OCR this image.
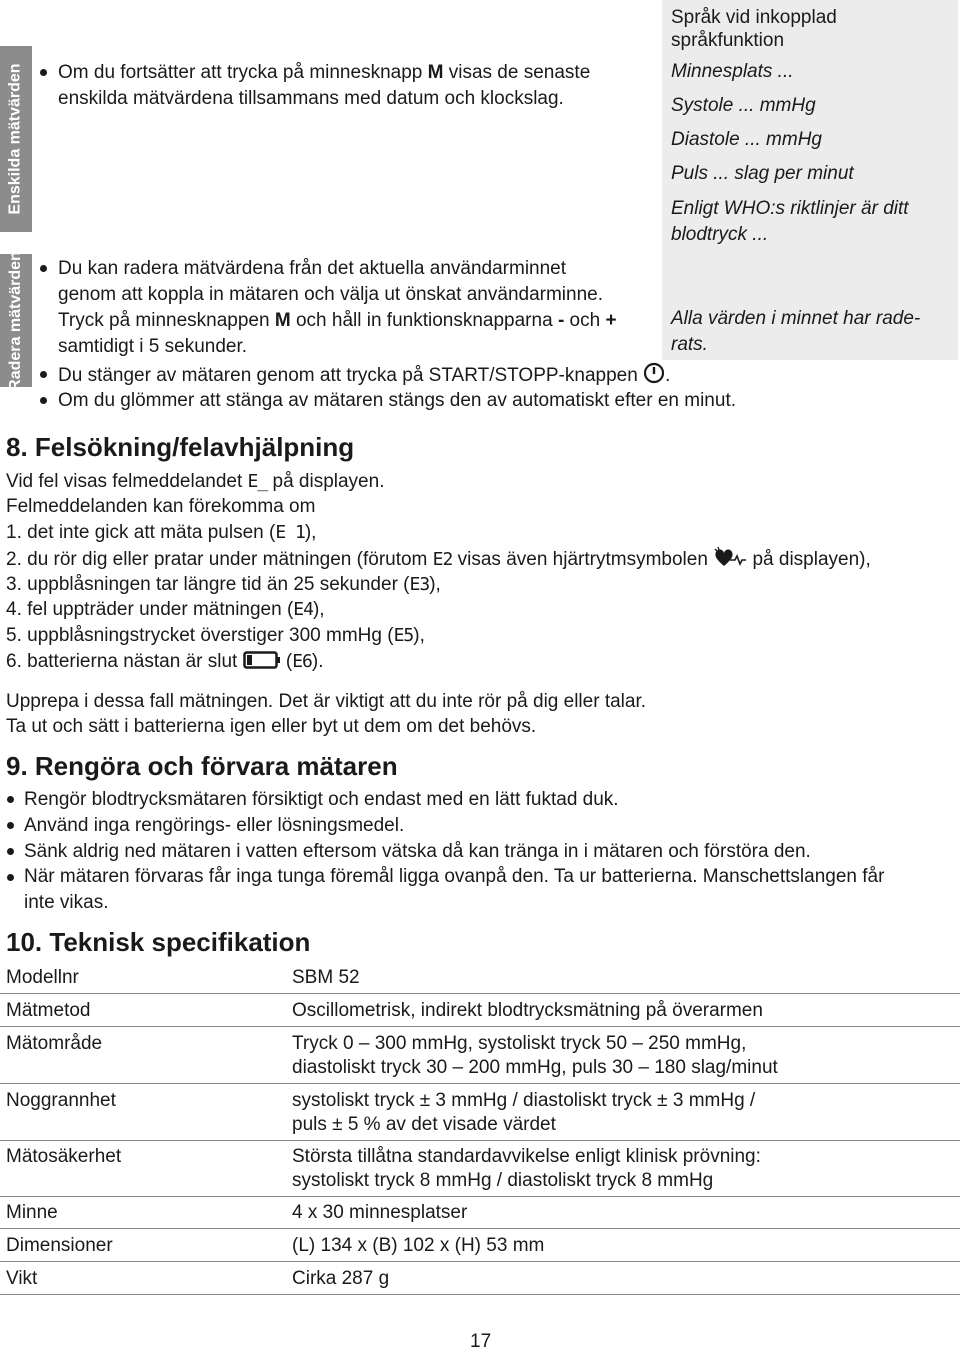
Enskilda mätvärden
Radera mätvärden
Språk vid inkopplad
språkfunktion
Minnesplats ...
Systole ... mmHg
Diastole ... mmHg
Puls ... slag per minut
Enligt WHO:s riktlinjer är ditt
blodtryck ...
Alla värden i minnet har rade-
rats.
Om du fortsätter att trycka på minnesknapp M visas de senaste
enskilda mätvärdena tillsammans med datum och klockslag.
Du kan radera mätvärdena från det aktuella användarminnet
genom att koppla in mätaren och välja ut önskat användarminne.
Tryck på minnesknappen M och håll in funktionsknapparna - och +
samtidigt i 5 sekunder.
Du stänger av mätaren genom att trycka på START/STOPP-knappen .
Om du glömmer att stänga av mätaren stängs den av automatiskt efter en minut.
8. Felsökning/felavhjälpning
Vid fel visas felmeddelandet E_ på displayen.
Felmeddelanden kan förekomma om
1. det inte gick att mäta pulsen (E 1),
2. du rör dig eller pratar under mätningen (förutom E2 visas även hjärtrytmsymbolen på displayen),
3. uppblåsningen tar längre tid än 25 sekunder (E3),
4. fel uppträder under mätningen (E4),
5. uppblåsningstrycket överstiger 300 mmHg (E5),
6. batterierna nästan är slut  (E6).
Upprepa i dessa fall mätningen. Det är viktigt att du inte rör på dig eller talar.
Ta ut och sätt i batterierna igen eller byt ut dem om det behövs.
9. Rengöra och förvara mätaren
Rengör blodtrycksmätaren försiktigt och endast med en lätt fuktad duk.
Använd inga rengörings- eller lösningsmedel.
Sänk aldrig ned mätaren i vatten eftersom vätska då kan tränga in i mätaren och förstöra den.
När mätaren förvaras får inga tunga föremål ligga ovanpå den. Ta ur batterierna. Manschettslangen får
inte vikas.
10. Teknisk specifikation
Modellnr	SBM 52
Mätmetod	Oscillometrisk, indirekt blodtrycksmätning på överarmen
Mätområde	Tryck 0 – 300 mmHg, systoliskt tryck 50 – 250 mmHg,
diastoliskt tryck 30 – 200 mmHg, puls 30 – 180 slag/minut
Noggrannhet	systoliskt tryck ± 3 mmHg / diastoliskt tryck ± 3 mmHg /
puls ± 5 % av det visade värdet
Mätosäkerhet	Största tillåtna standardavvikelse enligt klinisk prövning:
systoliskt tryck 8 mmHg / diastoliskt tryck 8 mmHg
Minne	4 x 30 minnesplatser
Dimensioner	(L) 134 x (B) 102 x (H) 53 mm
Vikt	Cirka 287 g
17
